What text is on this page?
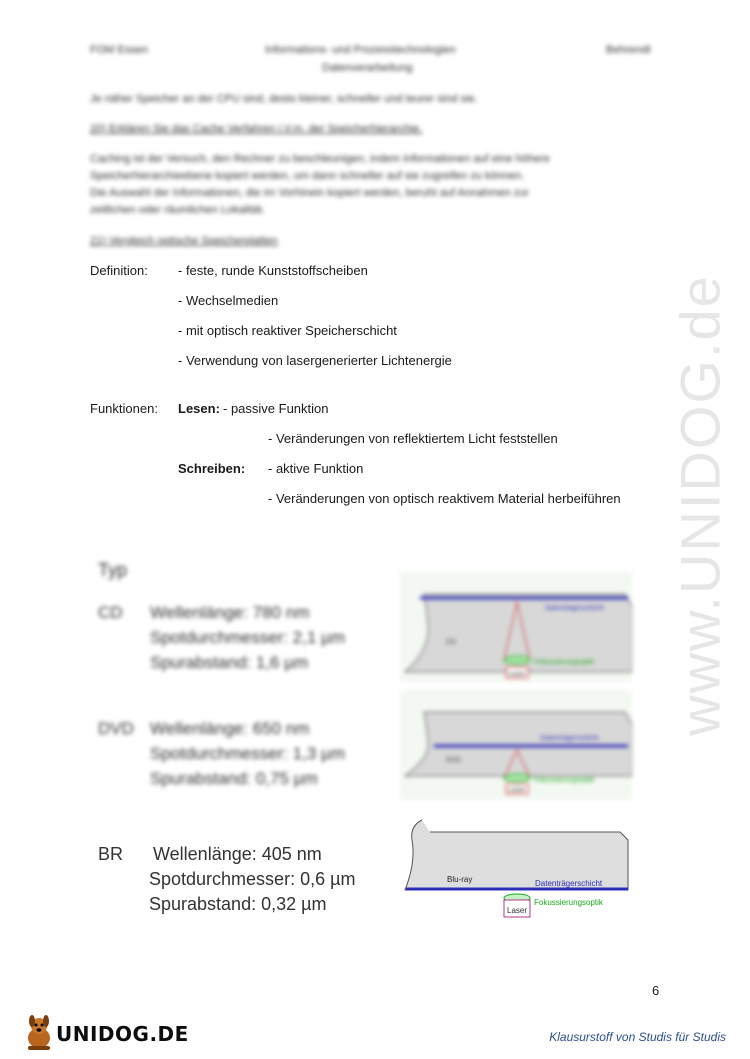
FOM Essen	Informations- und Prozesstechnologien
Datenverarbeitung
Behrendt
Je näher Speicher an der CPU sind, desto kleiner, schneller und teurer sind sie.
20) Erklären Sie das Cache Verfahren i.V.m. der Speicherhierarchie.
Caching ist der Versuch, den Rechner zu beschleunigen, indem Informationen auf eine höhere
Speicherhierarchieebene kopiert werden, um dann schneller auf sie zugreifen zu können.
Die Auswahl der Informationen, die im Vorhinein kopiert werden, beruht auf Annahmen zur
zeitlichen oder räumlichen Lokalität.
21) Vergleich optische Speicherplatten
Definition: - feste, runde Kunststoffscheiben
- Wechselmedien
- mit optisch reaktiver Speicherschicht
- Verwendung von lasergenerierter Lichtenergie
Funktionen: Lesen: - passive Funktion
- Veränderungen von reflektiertem Licht feststellen
Schreiben: - aktive Funktion
- Veränderungen von optisch reaktivem Material herbeiführen www.UNIDOG.de
Typ
CD Wellenlänge: 780 nm
Spotdurchmesser: 2,1 µm
Spurabstand: 1,6 µm
DVD Wellenlänge: 650 nm
Spotdurchmesser: 1,3 µm
Spurabstand: 0,75 µm
BR Wellenlänge: 405 nm
Spotdurchmesser: 0,6 µm
Spurabstand: 0,32 µm
Laser
CD
Datenträgerschicht
Fokussierungsoptik
Laser
DVD
Datenträgerschicht
Fokussierungsoptik
Laser
Blu-ray	Datenträgerschicht
Fokussierungsoptik
6
UNIDOG.DE	Klausurstoff von Studis für Studis
